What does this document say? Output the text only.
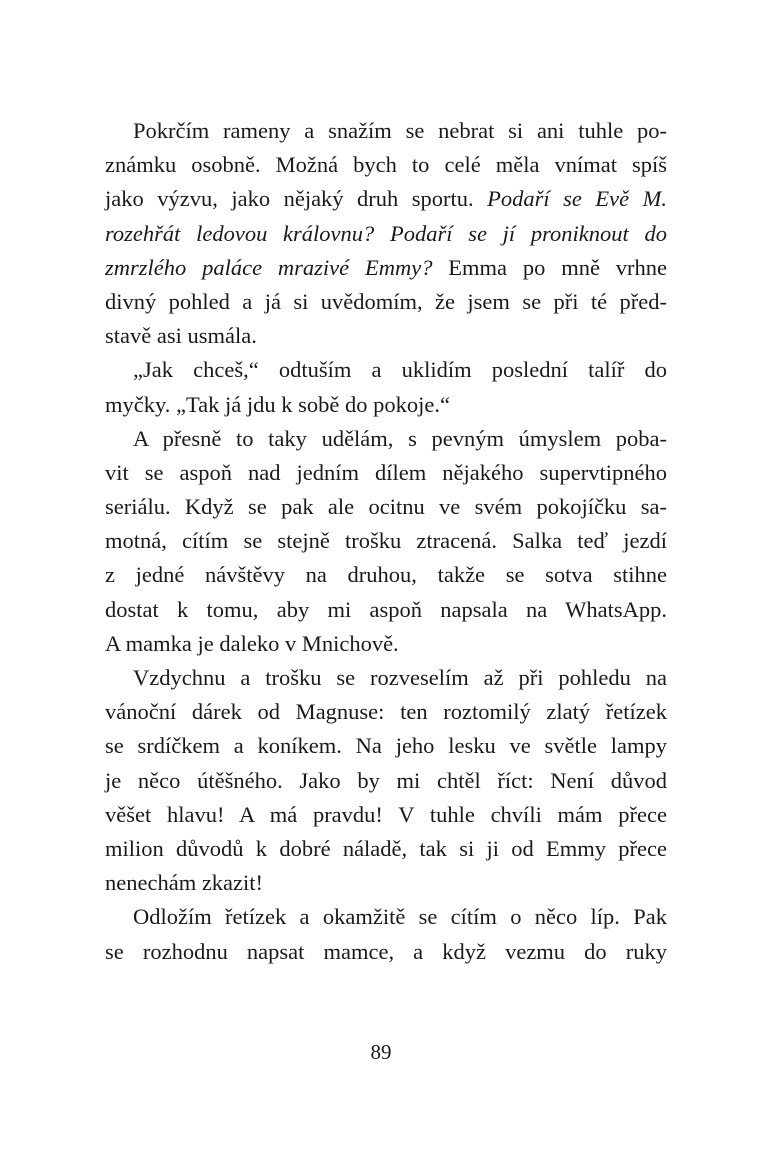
Pokrčím rameny a snažím se nebrat si ani tuhle po-
známku osobně. Možná bych to celé měla vnímat spíš
jako výzvu, jako nějaký druh sportu. Podaří se Evě M.
rozehřát ledovou královnu? Podaří se jí proniknout do
zmrzlého paláce mrazivé Emmy? Emma po mně vrhne
divný pohled a já si uvědomím, že jsem se při té před-
stavě asi usmála.
„Jak chceš,“ odtuším a uklidím poslední talíř do
myčky. „Tak já jdu k sobě do pokoje.“
A přesně to taky udělám, s pevným úmyslem poba-
vit se aspoň nad jedním dílem nějakého supervtipného
seriálu. Když se pak ale ocitnu ve svém pokojíčku sa-
motná, cítím se stejně trošku ztracená. Salka teď jezdí
z jedné návštěvy na druhou, takže se sotva stihne
dostat k tomu, aby mi aspoň napsala na WhatsApp.
A mamka je daleko v Mnichově.
Vzdychnu a trošku se rozveselím až při pohledu na
vánoční dárek od Magnuse: ten roztomilý zlatý řetízek
se srdíčkem a koníkem. Na jeho lesku ve světle lampy
je něco útěšného. Jako by mi chtěl říct: Není důvod
věšet hlavu! A má pravdu! V tuhle chvíli mám přece
milion důvodů k dobré náladě, tak si ji od Emmy přece
nenechám zkazit!
Odložím řetízek a okamžitě se cítím o něco líp. Pak
se rozhodnu napsat mamce, a když vezmu do ruky
89
